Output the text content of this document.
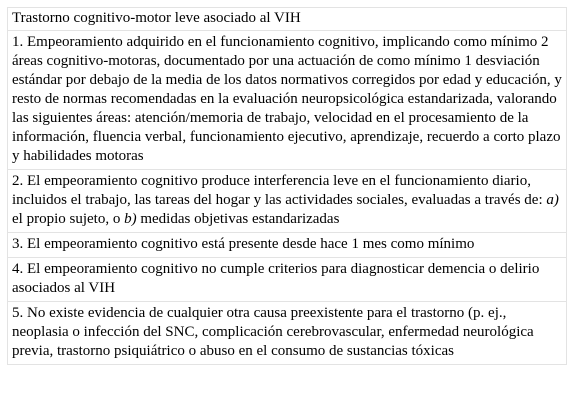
Trastorno cognitivo-motor leve asociado al VIH
1. Empeoramiento adquirido en el funcionamiento cognitivo, implicando como mínimo 2 áreas cognitivo-motoras, documentado por una actuación de como mínimo 1 desviación estándar por debajo de la media de los datos normativos corregidos por edad y educación, y resto de normas recomendadas en la evaluación neuropsicológica estandarizada, valorando las siguientes áreas: atención/memoria de trabajo, velocidad en el procesamiento de la información, fluencia verbal, funcionamiento ejecutivo, aprendizaje, recuerdo a corto plazo y habilidades motoras
2. El empeoramiento cognitivo produce interferencia leve en el funcionamiento diario, incluidos el trabajo, las tareas del hogar y las actividades sociales, evaluadas a través de: a) el propio sujeto, o b) medidas objetivas estandarizadas
3. El empeoramiento cognitivo está presente desde hace 1 mes como mínimo
4. El empeoramiento cognitivo no cumple criterios para diagnosticar demencia o delirio asociados al VIH
5. No existe evidencia de cualquier otra causa preexistente para el trastorno (p. ej., neoplasia o infección del SNC, complicación cerebrovascular, enfermedad neurológica previa, trastorno psiquiátrico o abuso en el consumo de sustancias tóxicas
